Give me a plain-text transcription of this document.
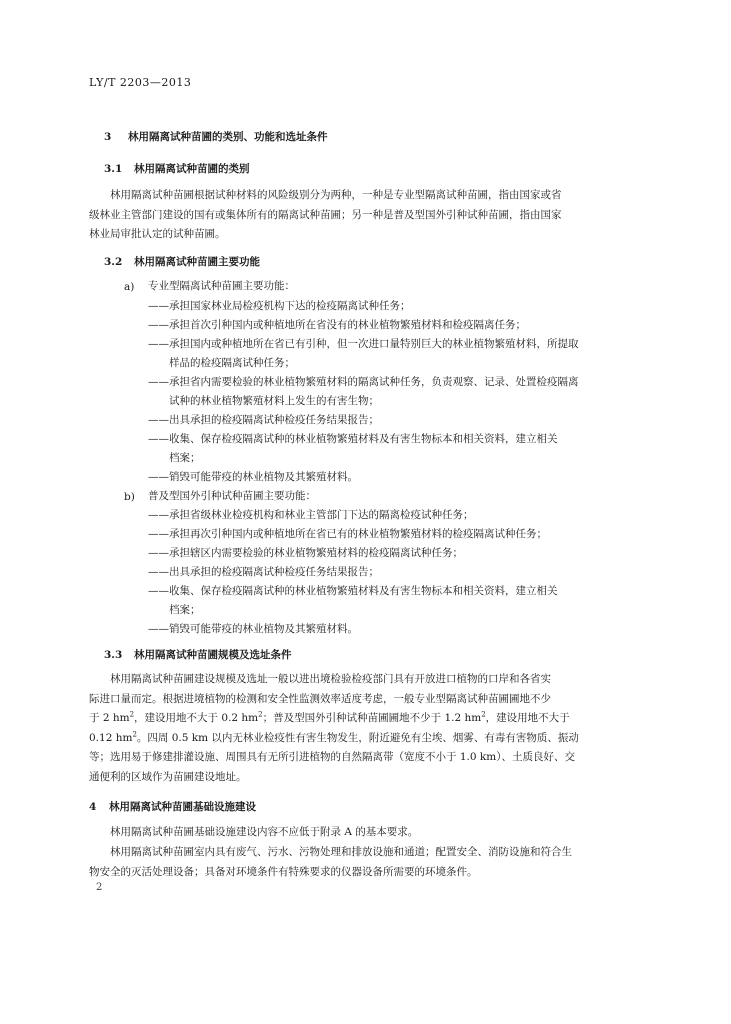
LY/T 2203—2013
3 林用隔离试种苗圃的类别、功能和选址条件
3.1 林用隔离试种苗圃的类别
林用隔离试种苗圃根据试种材料的风险级别分为两种，一种是专业型隔离试种苗圃，指由国家或省
级林业主管部门建设的国有或集体所有的隔离试种苗圃；另一种是普及型国外引种试种苗圃，指由国家
林业局审批认定的试种苗圃。
3.2 林用隔离试种苗圃主要功能
a) 专业型隔离试种苗圃主要功能：
——承担国家林业局检疫机构下达的检疫隔离试种任务；
——承担首次引种国内或种植地所在省没有的林业植物繁殖材料和检疫隔离任务；
——承担国内或种植地所在省已有引种，但一次进口量特别巨大的林业植物繁殖材料，所提取
样品的检疫隔离试种任务；
——承担省内需要检验的林业植物繁殖材料的隔离试种任务，负责观察、记录、处置检疫隔离
试种的林业植物繁殖材料上发生的有害生物；
——出具承担的检疫隔离试种检疫任务结果报告；
——收集、保存检疫隔离试种的林业植物繁殖材料及有害生物标本和相关资料，建立相关
档案；
——销毁可能带疫的林业植物及其繁殖材料。
b) 普及型国外引种试种苗圃主要功能：
——承担省级林业检疫机构和林业主管部门下达的隔离检疫试种任务；
——承担再次引种国内或种植地所在省已有的林业植物繁殖材料的检疫隔离试种任务；
——承担辖区内需要检验的林业植物繁殖材料的检疫隔离试种任务；
——出具承担的检疫隔离试种检疫任务结果报告；
——收集、保存检疫隔离试种的林业植物繁殖材料及有害生物标本和相关资料，建立相关
档案；
——销毁可能带疫的林业植物及其繁殖材料。
3.3 林用隔离试种苗圃规模及选址条件
林用隔离试种苗圃建设规模及选址一般以进出境检验检疫部门具有开放进口植物的口岸和各省实
际进口量而定。根据进境植物的检测和安全性监测效率适度考虑，一般专业型隔离试种苗圃圃地不少
于 2 $hm^2$，建设用地不大于 0.2 $hm^2$；普及型国外引种试种苗圃圃地不少于 1.2 $hm^2$，建设用地不大于
0.12 $hm^2$。四周 0.5 km 以内无林业检疫性有害生物发生，附近避免有尘埃、烟雾、有毒有害物质、振动
等；选用易于修建排灌设施、周围具有无所引进植物的自然隔离带（宽度不小于 1.0 km）、土质良好、交
通便利的区域作为苗圃建设地址。
4 林用隔离试种苗圃基础设施建设
林用隔离试种苗圃基础设施建设内容不应低于附录 A 的基本要求。
林用隔离试种苗圃室内具有废气、污水、污物处理和排放设施和通道；配置安全、消防设施和符合生
物安全的灭活处理设备；具备对环境条件有特殊要求的仪器设备所需要的环境条件。
2
